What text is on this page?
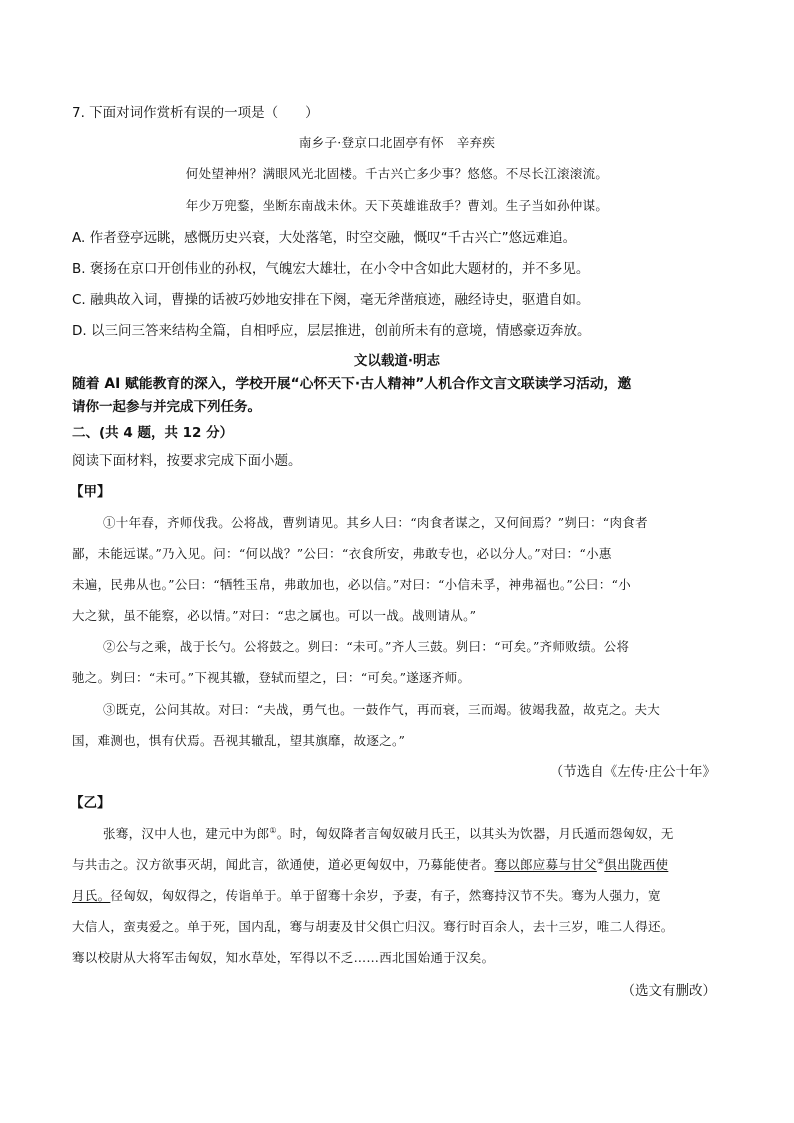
7. 下面对词作赏析有误的一项是（　　）
南乡子·登京口北固亭有怀　辛弃疾
何处望神州？满眼风光北固楼。千古兴亡多少事？悠悠。不尽长江滚滚流。
年少万兜鍪，坐断东南战未休。天下英雄谁敌手？曹刘。生子当如孙仲谋。
A. 作者登亭远眺，感慨历史兴衰，大处落笔，时空交融，慨叹“千古兴亡”悠远难追。
B. 褒扬在京口开创伟业的孙权，气魄宏大雄壮，在小令中含如此大题材的，并不多见。
C. 融典故入词，曹操的话被巧妙地安排在下阕，毫无斧凿痕迹，融经诗史，驱遣自如。
D. 以三问三答来结构全篇，自相呼应，层层推进，创前所未有的意境，情感豪迈奔放。
文以载道·明志
随着 AI 赋能教育的深入，学校开展“心怀天下·古人精神”人机合作文言文联读学习活动，邀
请你一起参与并完成下列任务。
二、(共 4 题，共 12 分）
阅读下面材料，按要求完成下面小题。
【甲】
①十年春，齐师伐我。公将战，曹刿请见。其乡人曰：“肉食者谋之，又何间焉？”刿曰：“肉食者
鄙，未能远谋。”乃入见。问：“何以战？”公曰：“衣食所安，弗敢专也，必以分人。”对曰：“小惠
未遍，民弗从也。”公曰：“牺牲玉帛，弗敢加也，必以信。”对曰：“小信未孚，神弗福也。”公曰：“小
大之狱，虽不能察，必以情。”对曰：“忠之属也。可以一战。战则请从。”
②公与之乘，战于长勺。公将鼓之。刿曰：“未可。”齐人三鼓。刿曰：“可矣。”齐师败绩。公将
驰之。刿曰：“未可。”下视其辙，登轼而望之，曰：“可矣。”遂逐齐师。
③既克，公问其故。对曰：“夫战，勇气也。一鼓作气，再而衰，三而竭。彼竭我盈，故克之。夫大
国，难测也，惧有伏焉。吾视其辙乱，望其旗靡，故逐之。”
（节选自《左传·庄公十年》
【乙】
张骞，汉中人也，建元中为郎①。时，匈奴降者言匈奴破月氏王，以其头为饮器，月氏遁而怨匈奴，无
与共击之。汉方欲事灭胡，闻此言，欲通使，道必更匈奴中，乃募能使者。骞以郎应募与甘父②俱出陇西使
月氏。径匈奴，匈奴得之，传诣单于。单于留骞十余岁，予妻，有子，然骞持汉节不失。骞为人强力，宽
大信人，蛮夷爱之。单于死，国内乱，骞与胡妻及甘父俱亡归汉。骞行时百余人，去十三岁，唯二人得还。
骞以校尉从大将军击匈奴，知水草处，军得以不乏……西北国始通于汉矣。
（选文有删改）
